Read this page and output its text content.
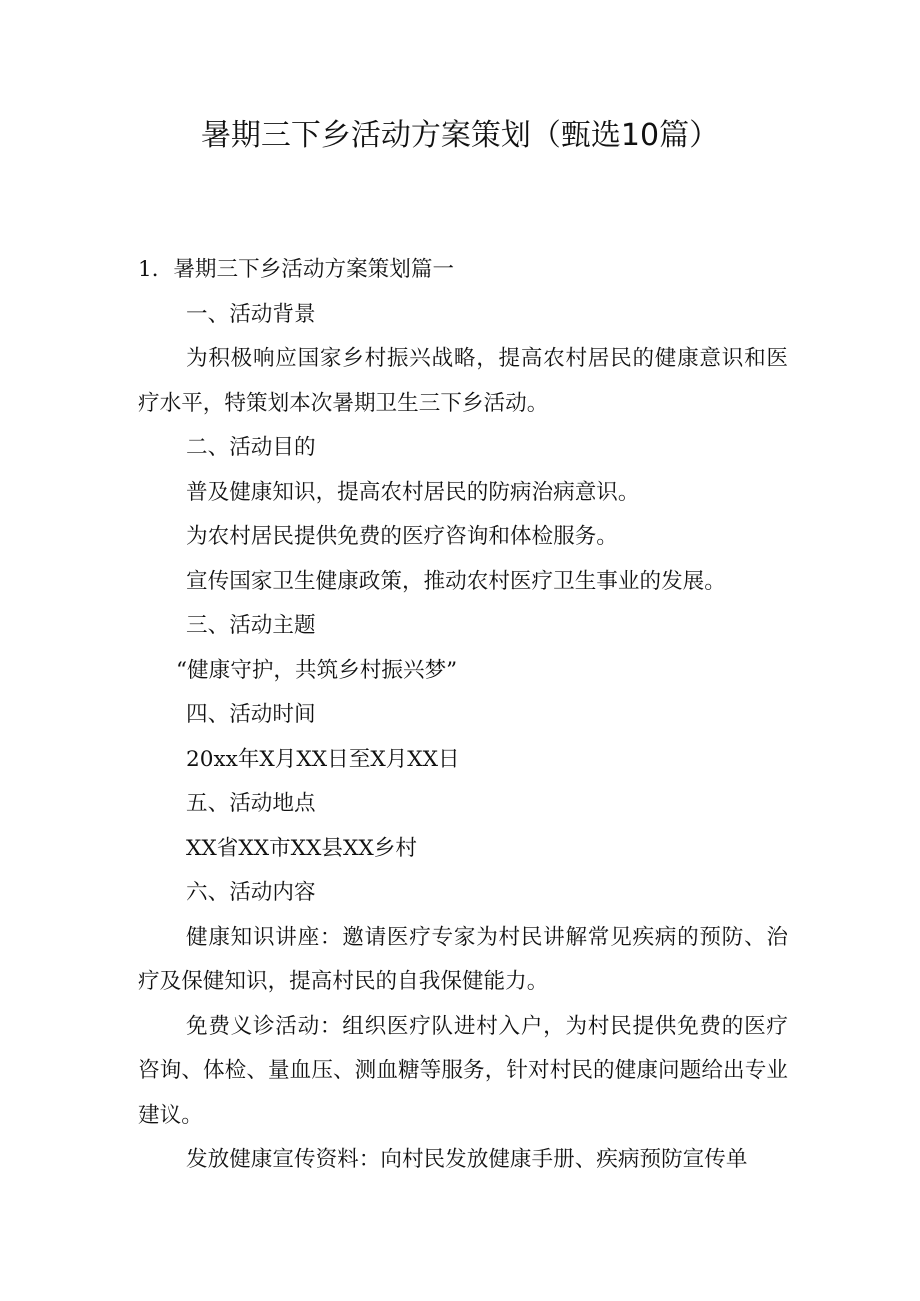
暑期三下乡活动方案策划（甄选10篇）

1．暑期三下乡活动方案策划篇一

一、活动背景

为积极响应国家乡村振兴战略，提高农村居民的健康意识和医疗水平，特策划本次暑期卫生三下乡活动。

二、活动目的

普及健康知识，提高农村居民的防病治病意识。

为农村居民提供免费的医疗咨询和体检服务。

宣传国家卫生健康政策，推动农村医疗卫生事业的发展。

三、活动主题

“健康守护，共筑乡村振兴梦”

四、活动时间

20xx年X月XX日至X月XX日

五、活动地点

XX省XX市XX县XX乡村

六、活动内容

健康知识讲座：邀请医疗专家为村民讲解常见疾病的预防、治疗及保健知识，提高村民的自我保健能力。

免费义诊活动：组织医疗队进村入户，为村民提供免费的医疗咨询、体检、量血压、测血糖等服务，针对村民的健康问题给出专业建议。

发放健康宣传资料：向村民发放健康手册、疾病预防宣传单
